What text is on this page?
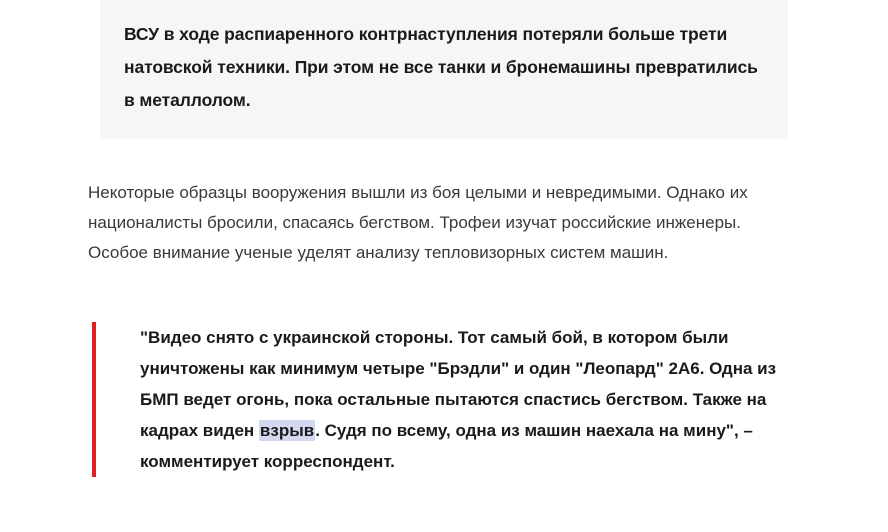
ВСУ в ходе распиаренного контрнаступления потеряли больше трети натовской техники. При этом не все танки и бронемашины превратились в металлолом.

Некоторые образцы вооружения вышли из боя целыми и невредимыми. Однако их националисты бросили, спасаясь бегством. Трофеи изучат российские инженеры. Особое внимание ученые уделят анализу тепловизорных систем машин.

"Видео снято с украинской стороны. Тот самый бой, в котором были уничтожены как минимум четыре "Брэдли" и один "Леопард" 2А6. Одна из БМП ведет огонь, пока остальные пытаются спастись бегством. Также на кадрах виден взрыв. Судя по всему, одна из машин наехала на мину", – комментирует корреспондент.
